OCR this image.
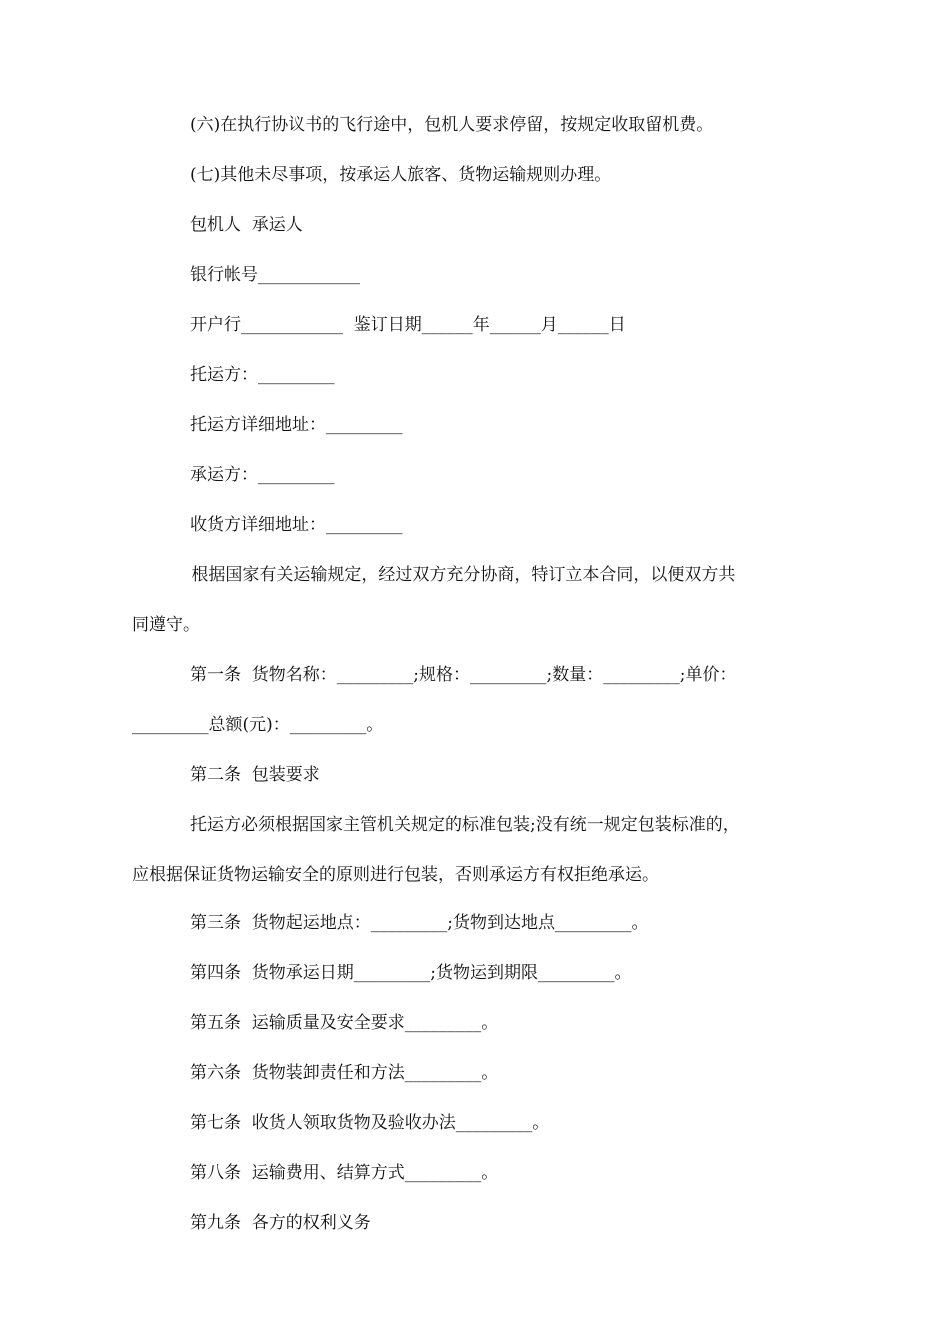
(六)在执行协议书的飞行途中，包机人要求停留，按规定收取留机费。
(七)其他未尽事项，按承运人旅客、货物运输规则办理。
包机人  承运人
银行帐号____________
开户行____________  鉴订日期______年______月______日
托运方：_________
托运方详细地址：_________
承运方：_________
收货方详细地址：_________
根据国家有关运输规定，经过双方充分协商，特订立本合同，以便双方共
同遵守。
第一条  货物名称：_________;规格：_________;数量：_________;单价：
_________总额(元)：_________。
第二条  包装要求
托运方必须根据国家主管机关规定的标准包装;没有统一规定包装标准的，
应根据保证货物运输安全的原则进行包装，否则承运方有权拒绝承运。
第三条  货物起运地点：_________;货物到达地点_________。
第四条  货物承运日期_________;货物运到期限_________。
第五条  运输质量及安全要求_________。
第六条  货物装卸责任和方法_________。
第七条  收货人领取货物及验收办法_________。
第八条  运输费用、结算方式_________。
第九条  各方的权利义务
